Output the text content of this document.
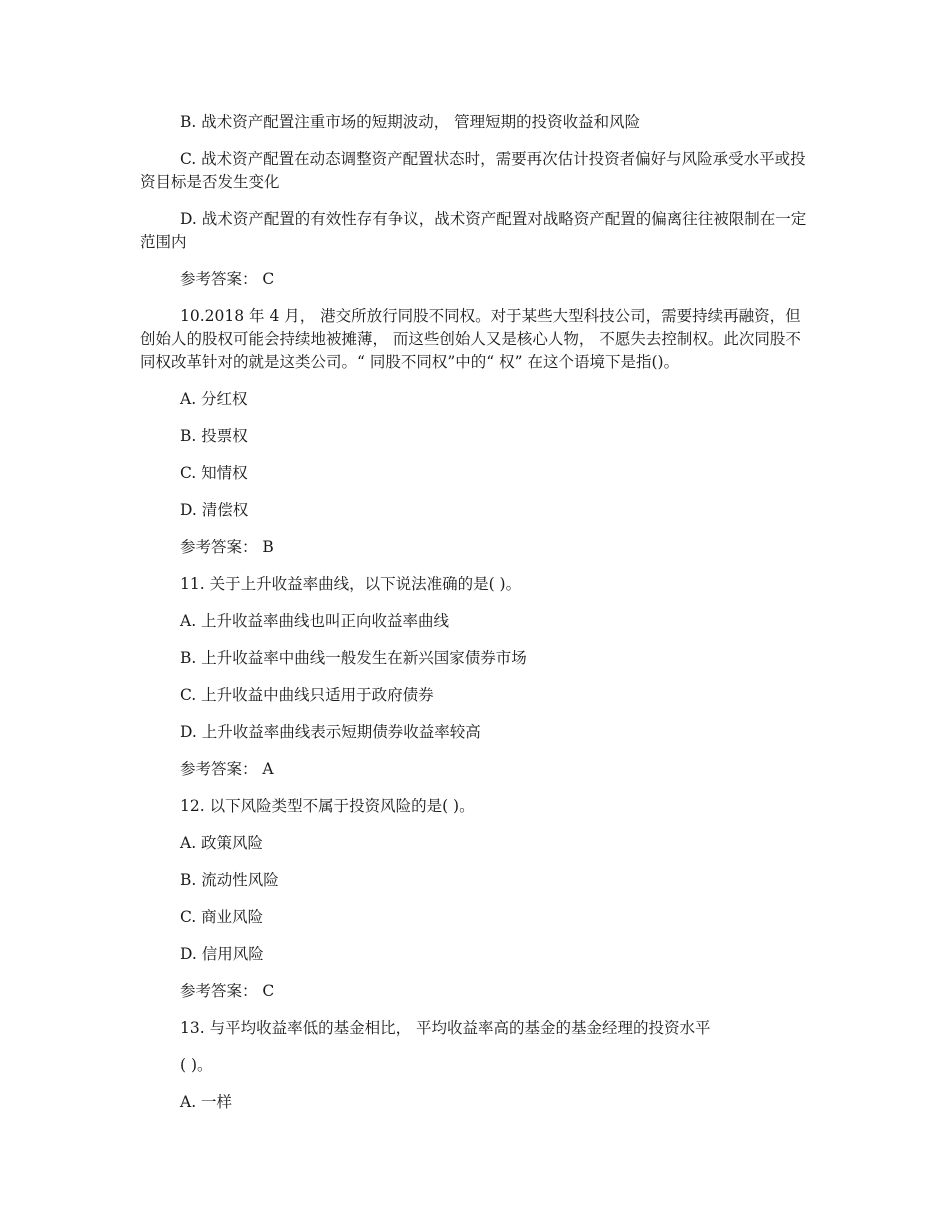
B. 战术资产配置注重市场的短期波动， 管理短期的投资收益和风险

C. 战术资产配置在动态调整资产配置状态时，需要再次估计投资者偏好与风险承受水平或投资目标是否发生变化

D. 战术资产配置的有效性存有争议，战术资产配置对战略资产配置的偏离往往被限制在一定范围内

参考答案： C

10.2018 年 4 月， 港交所放行同股不同权。对于某些大型科技公司，需要持续再融资，但创始人的股权可能会持续地被摊薄， 而这些创始人又是核心人物， 不愿失去控制权。此次同股不同权改革针对的就是这类公司。“ 同股不同权”中的“ 权” 在这个语境下是指()。

A. 分红权

B. 投票权

C. 知情权

D. 清偿权

参考答案： B

11. 关于上升收益率曲线，以下说法准确的是( )。

A. 上升收益率曲线也叫正向收益率曲线

B. 上升收益率中曲线一般发生在新兴国家债券市场

C. 上升收益中曲线只适用于政府债券

D. 上升收益率曲线表示短期债券收益率较高

参考答案： A

12. 以下风险类型不属于投资风险的是( )。

A. 政策风险

B. 流动性风险

C. 商业风险

D. 信用风险

参考答案： C

13. 与平均收益率低的基金相比， 平均收益率高的基金的基金经理的投资水平

( )。

A. 一样
